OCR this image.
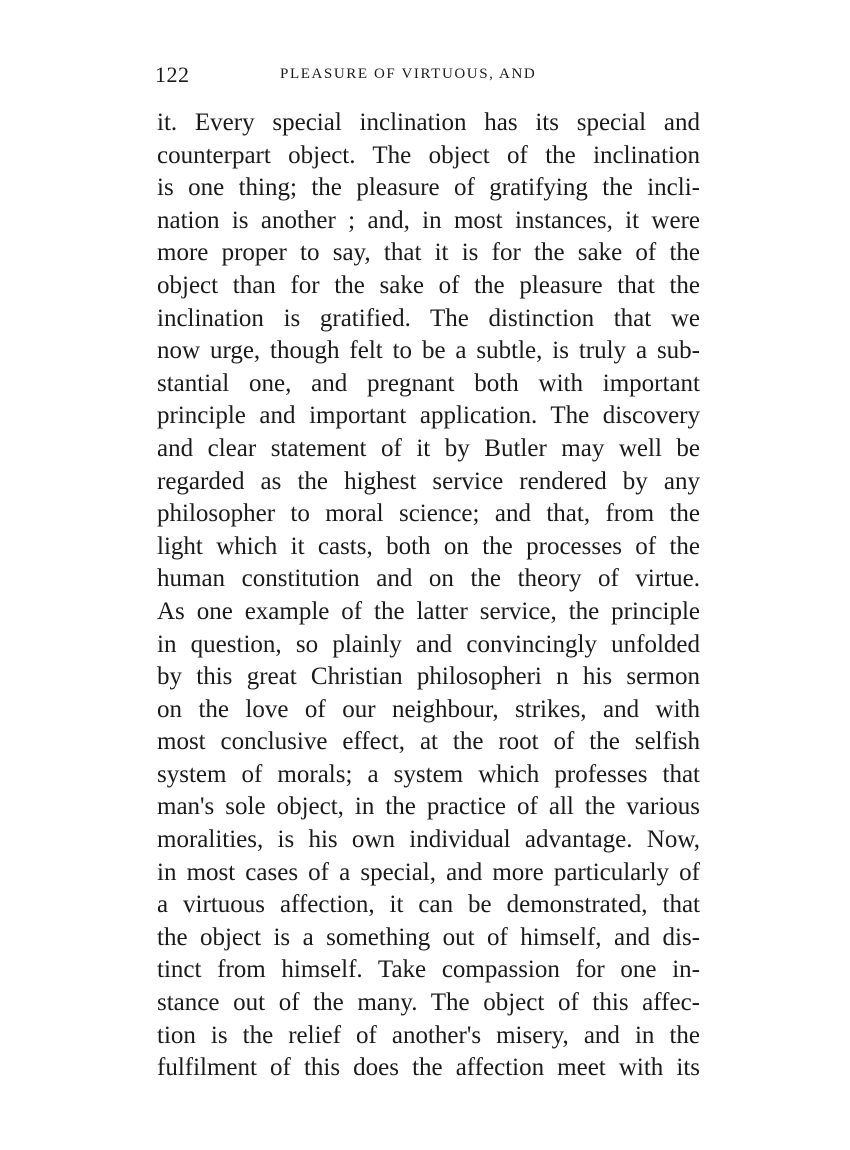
122	PLEASURE OF VIRTUOUS, AND
it. Every special inclination has its special and
counterpart object. The object of the inclination
is one thing; the pleasure of gratifying the incli-
nation is another ; and, in most instances, it were
more proper to say, that it is for the sake of the
object than for the sake of the pleasure that the
inclination is gratified. The distinction that we
now urge, though felt to be a subtle, is truly a sub-
stantial one, and pregnant both with important
principle and important application. The discovery
and clear statement of it by Butler may well be
regarded as the highest service rendered by any
philosopher to moral science; and that, from the
light which it casts, both on the processes of the
human constitution and on the theory of virtue.
As one example of the latter service, the principle
in question, so plainly and convincingly unfolded
by this great Christian philosopheri n his sermon
on the love of our neighbour, strikes, and with
most conclusive effect, at the root of the selfish
system of morals; a system which professes that
man's sole object, in the practice of all the various
moralities, is his own individual advantage. Now,
in most cases of a special, and more particularly of
a virtuous affection, it can be demonstrated, that
the object is a something out of himself, and dis-
tinct from himself. Take compassion for one in-
stance out of the many. The object of this affec-
tion is the relief of another's misery, and in the
fulfilment of this does the affection meet with its
